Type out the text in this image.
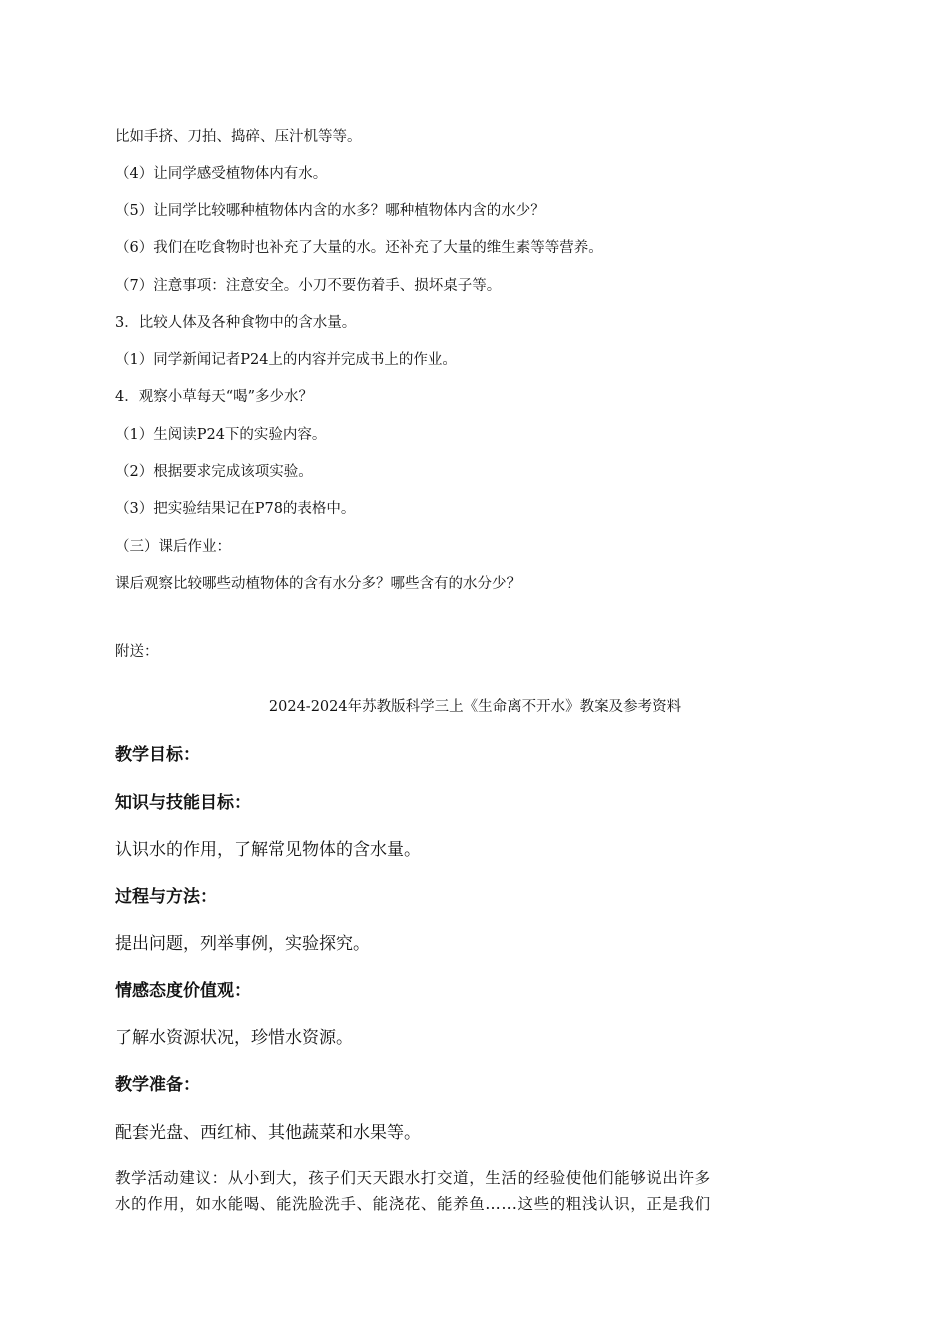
比如手挤、刀拍、捣碎、压汁机等等。
（4）让同学感受植物体内有水。
（5）让同学比较哪种植物体内含的水多？哪种植物体内含的水少？
（6）我们在吃食物时也补充了大量的水。还补充了大量的维生素等等营养。
（7）注意事项：注意安全。小刀不要伤着手、损坏桌子等。
3．比较人体及各种食物中的含水量。
（1）同学新闻记者P24上的内容并完成书上的作业。
4．观察小草每天“喝”多少水？
（1）生阅读P24下的实验内容。
（2）根据要求完成该项实验。
（3）把实验结果记在P78的表格中。
（三）课后作业：
课后观察比较哪些动植物体的含有水分多？哪些含有的水分少？
附送：
2024-2024年苏教版科学三上《生命离不开水》教案及参考资料
教学目标：
知识与技能目标：
认识水的作用，了解常见物体的含水量。
过程与方法：
提出问题，列举事例，实验探究。
情感态度价值观：
了解水资源状况，珍惜水资源。
教学准备：
配套光盘、西红柿、其他蔬菜和水果等。
教学活动建议：从小到大，孩子们天天跟水打交道，生活的经验使他们能够说出许多
水的作用，如水能喝、能洗脸洗手、能浇花、能养鱼……这些的粗浅认识，正是我们
